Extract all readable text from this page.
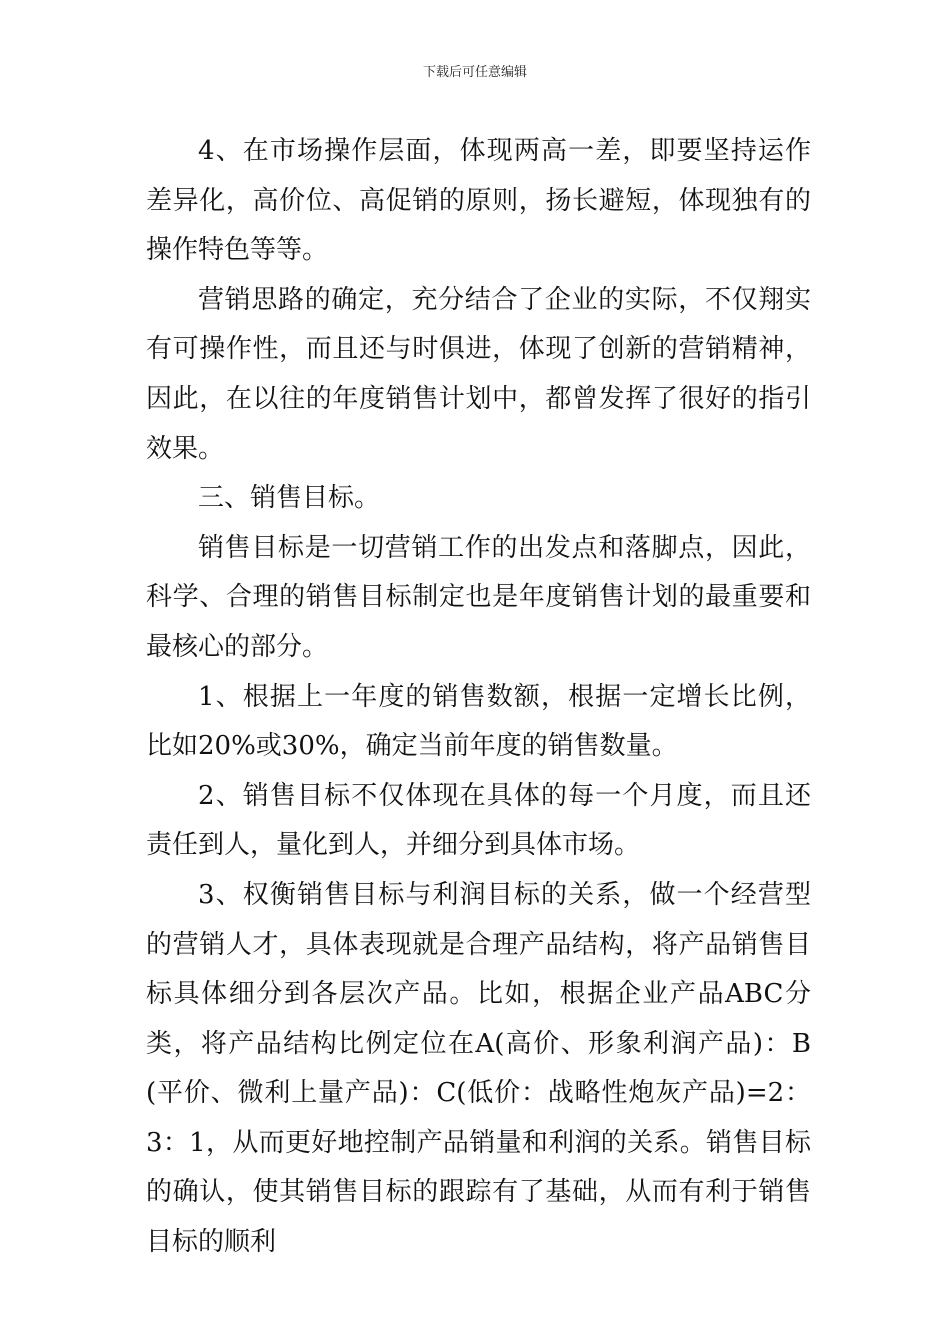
下载后可任意编辑

4、在市场操作层面，体现两高一差，即要坚持运作差异化，高价位、高促销的原则，扬长避短，体现独有的操作特色等等。

营销思路的确定，充分结合了企业的实际，不仅翔实有可操作性，而且还与时俱进，体现了创新的营销精神，因此，在以往的年度销售计划中，都曾发挥了很好的指引效果。

三、销售目标。

销售目标是一切营销工作的出发点和落脚点，因此，科学、合理的销售目标制定也是年度销售计划的最重要和最核心的部分。

1、根据上一年度的销售数额，根据一定增长比例，比如20%或30%，确定当前年度的销售数量。

2、销售目标不仅体现在具体的每一个月度，而且还责任到人，量化到人，并细分到具体市场。

3、权衡销售目标与利润目标的关系，做一个经营型的营销人才，具体表现就是合理产品结构，将产品销售目标具体细分到各层次产品。比如，根据企业产品ABC分类，将产品结构比例定位在A(高价、形象利润产品)：B(平价、微利上量产品)：C(低价：战略性炮灰产品)=2：3：1，从而更好地控制产品销量和利润的关系。销售目标的确认，使其销售目标的跟踪有了基础，从而有利于销售目标的顺利
